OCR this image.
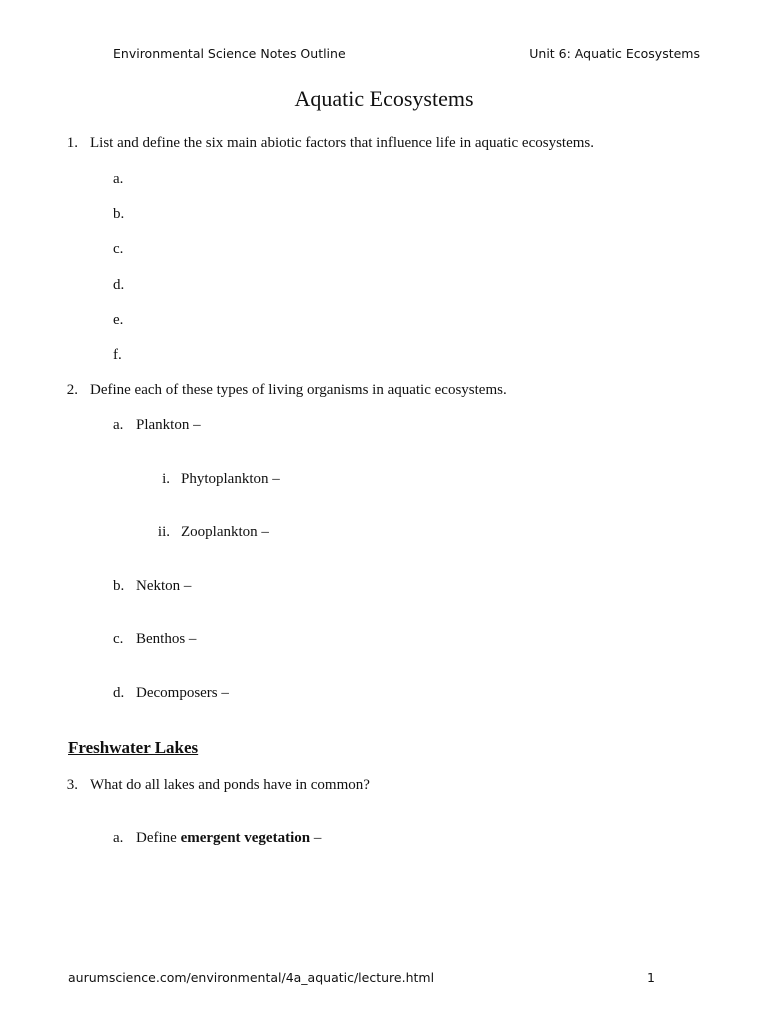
Environmental Science Notes Outline	Unit 6: Aquatic Ecosystems
Aquatic Ecosystems
1. List and define the six main abiotic factors that influence life in aquatic ecosystems.
a.
b.
c.
d.
e.
f.
2. Define each of these types of living organisms in aquatic ecosystems.
a. Plankton –
i. Phytoplankton –
ii. Zooplankton –
b. Nekton –
c. Benthos –
d. Decomposers –
Freshwater Lakes
3. What do all lakes and ponds have in common?
a. Define emergent vegetation –
aurumscience.com/environmental/4a_aquatic/lecture.html	1
